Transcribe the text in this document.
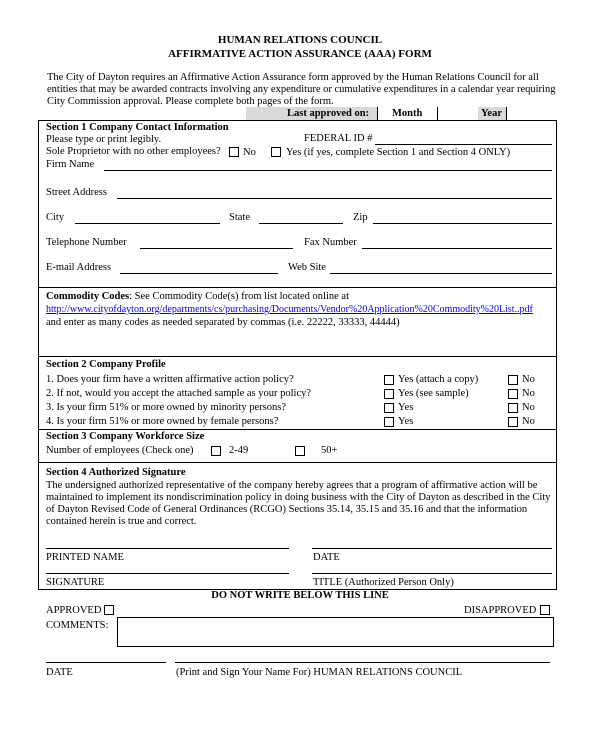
HUMAN RELATIONS COUNCIL
AFFIRMATIVE ACTION ASSURANCE (AAA) FORM
The City of Dayton requires an Affirmative Action Assurance form approved by the Human Relations Council for all
entities that may be awarded contracts involving any expenditure or cumulative expenditures in a calendar year requiring
City Commission approval. Please complete both pages of the form.
Last approved on: Month	Year
Section 1 Company Contact Information
Please type or print legibly.	FEDERAL ID #
Sole Proprietor with no other employees? No	Yes (if yes, complete Section 1 and Section 4 ONLY)
Firm Name
Street Address
City	State	Zip
Telephone Number	Fax Number
E-mail Address	Web Site
Commodity Codes: See Commodity Code(s) from list located online at
http://www.cityofdayton.org/departments/cs/purchasing/Documents/Vendor%20Application%20Commodity%20List..pdf
and enter as many codes as needed separated by commas (i.e. 22222, 33333, 44444)
Section 2 Company Profile
1. Does your firm have a written affirmative action policy?	Yes (attach a copy)	No
2. If not, would you accept the attached sample as your policy?	Yes (see sample)	No
3. Is your firm 51% or more owned by minority persons?	Yes	No
4. Is your firm 51% or more owned by female persons?	Yes	No
Section 3 Company Workforce Size
Number of employees (Check one)	2-49	50+
Section 4 Authorized Signature
The undersigned authorized representative of the company hereby agrees that a program of affirmative action will be
maintained to implement its nondiscrimination policy in doing business with the City of Dayton as described in the City
of Dayton Revised Code of General Ordinances (RCGO) Sections 35.14, 35.15 and 35.16 and that the information
contained herein is true and correct.
PRINTED NAME	DATE
SIGNATURE	TITLE (Authorized Person Only)
DO NOT WRITE BELOW THIS LINE
APPROVED	DISAPPROVED
COMMENTS:
DATE	(Print and Sign Your Name For) HUMAN RELATIONS COUNCIL
